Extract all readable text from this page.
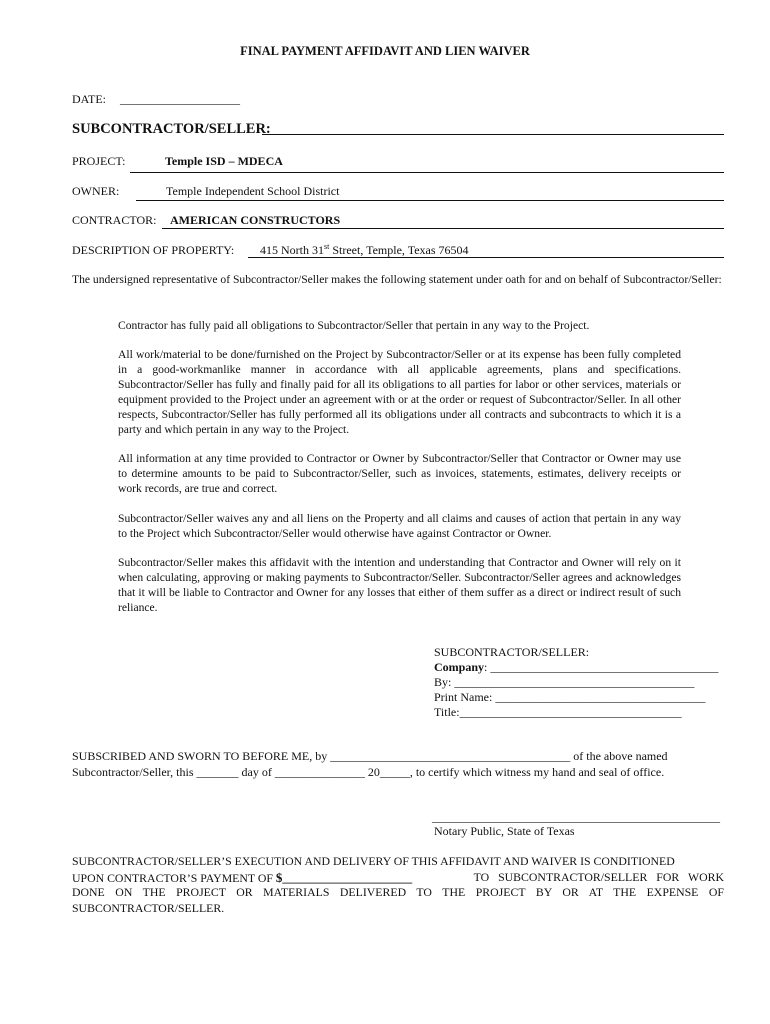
FINAL PAYMENT AFFIDAVIT AND LIEN WAIVER
DATE: ____________________
SUBCONTRACTOR/SELLER:
PROJECT:	Temple ISD – MDECA
OWNER:	Temple Independent School District
CONTRACTOR: AMERICAN CONSTRUCTORS
DESCRIPTION OF PROPERTY: 415 North 31st Street, Temple, Texas 76504
The undersigned representative of Subcontractor/Seller makes the following statement under oath for and on behalf of Subcontractor/Seller:
Contractor has fully paid all obligations to Subcontractor/Seller that pertain in any way to the Project.
All work/material to be done/furnished on the Project by Subcontractor/Seller or at its expense has been fully completed in a good-workmanlike manner in accordance with all applicable agreements, plans and specifications. Subcontractor/Seller has fully and finally paid for all its obligations to all parties for labor or other services, materials or equipment provided to the Project under an agreement with or at the order or request of Subcontractor/Seller. In all other respects, Subcontractor/Seller has fully performed all its obligations under all contracts and subcontracts to which it is a party and which pertain in any way to the Project.
All information at any time provided to Contractor or Owner by Subcontractor/Seller that Contractor or Owner may use to determine amounts to be paid to Subcontractor/Seller, such as invoices, statements, estimates, delivery receipts or work records, are true and correct.
Subcontractor/Seller waives any and all liens on the Property and all claims and causes of action that pertain in any way to the Project which Subcontractor/Seller would otherwise have against Contractor or Owner.
Subcontractor/Seller makes this affidavit with the intention and understanding that Contractor and Owner will rely on it when calculating, approving or making payments to Subcontractor/Seller. Subcontractor/Seller agrees and acknowledges that it will be liable to Contractor and Owner for any losses that either of them suffer as a direct or indirect result of such reliance.
SUBCONTRACTOR/SELLER:
Company: ______________________________________
By: ________________________________________
Print Name: ___________________________________
Title:_____________________________________
SUBSCRIBED AND SWORN TO BEFORE ME, by ________________________________________ of the above named
Subcontractor/Seller, this _______ day of _______________ 20_____, to certify which witness my hand and seal of office.
________________________________________________
Notary Public, State of Texas
SUBCONTRACTOR/SELLER’S EXECUTION AND DELIVERY OF THIS AFFIDAVIT AND WAIVER IS CONDITIONED
UPON CONTRACTOR’S PAYMENT OF $______________________	TO SUBCONTRACTOR/SELLER FOR WORK
DONE ON THE PROJECT OR MATERIALS DELIVERED TO THE PROJECT BY OR AT THE EXPENSE OF SUBCONTRACTOR/SELLER.
